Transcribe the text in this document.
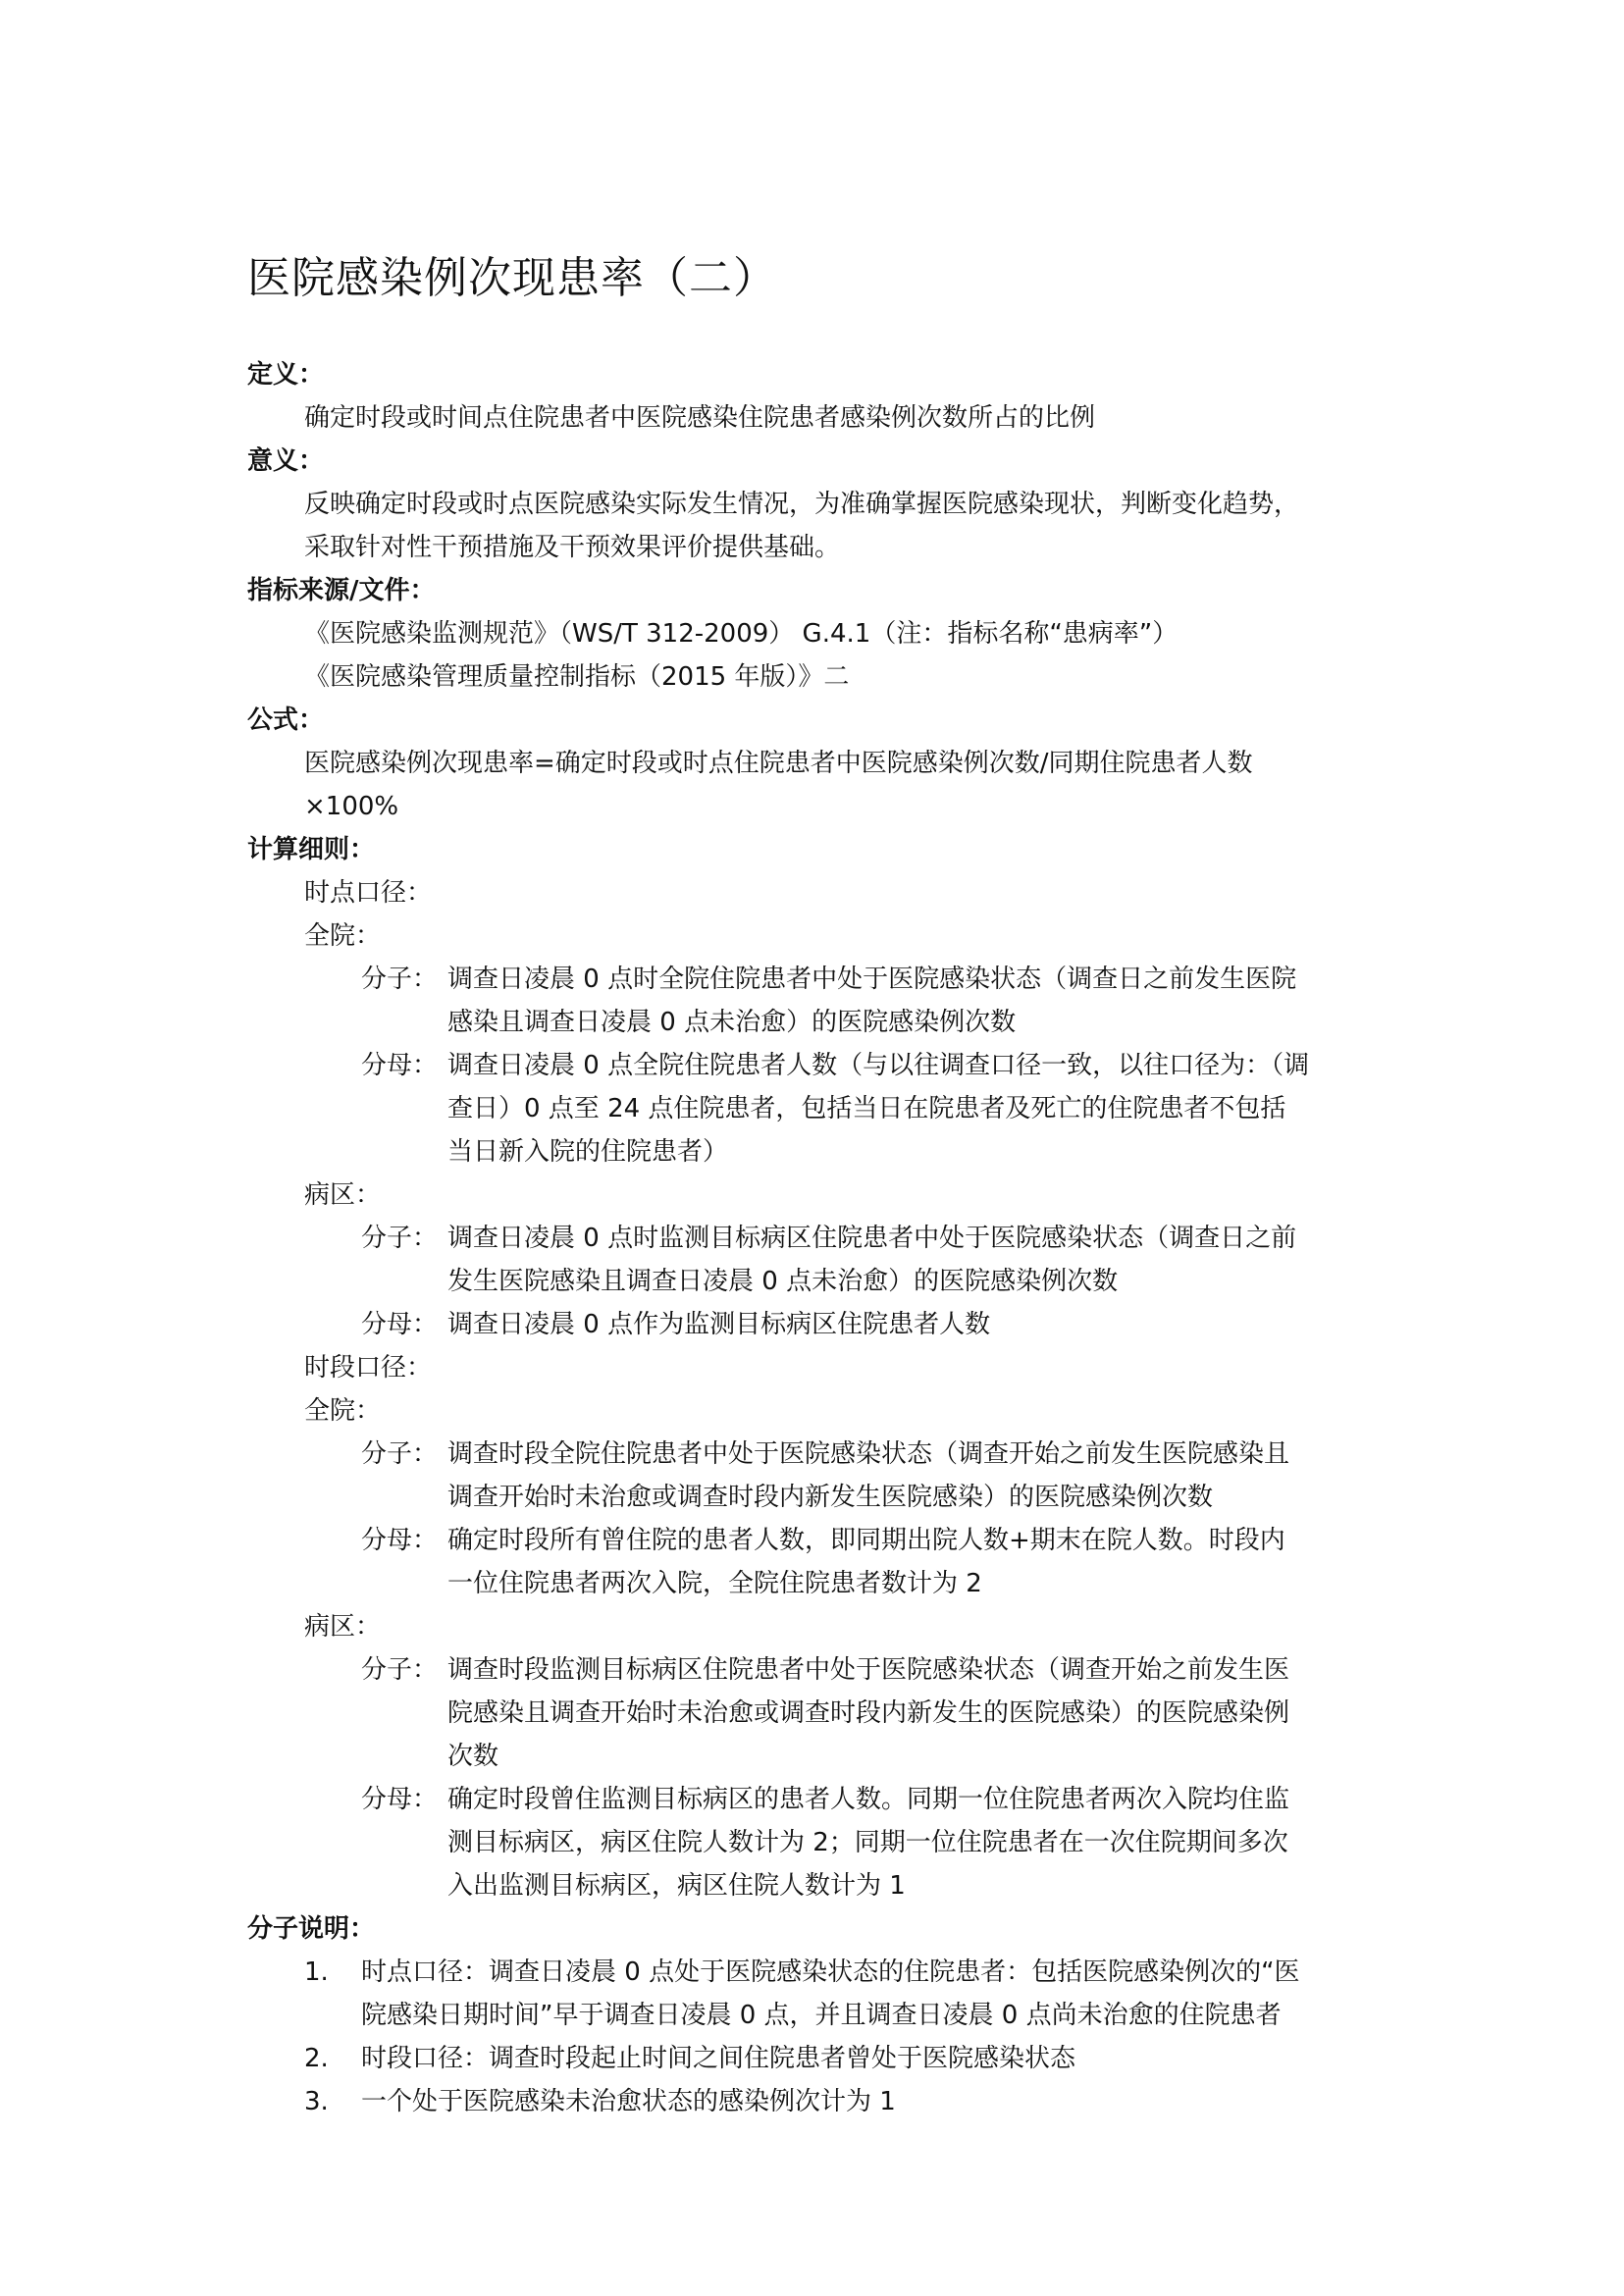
医院感染例次现患率（二）
定义：
确定时段或时间点住院患者中医院感染住院患者感染例次数所占的比例
意义：
反映确定时段或时点医院感染实际发生情况，为准确掌握医院感染现状，判断变化趋势，
采取针对性干预措施及干预效果评价提供基础。
指标来源/文件：
《医院感染监测规范》（WS/T 312-2009） G.4.1（注：指标名称“患病率”）
《医院感染管理质量控制指标（2015 年版）》二
公式：
医院感染例次现患率=确定时段或时点住院患者中医院感染例次数/同期住院患者人数
×100%
计算细则：
时点口径：
全院：
分子： 调查日凌晨 0 点时全院住院患者中处于医院感染状态（调查日之前发生医院
感染且调查日凌晨 0 点未治愈）的医院感染例次数
分母： 调查日凌晨 0 点全院住院患者人数（与以往调查口径一致，以往口径为：（调
查日）0 点至 24 点住院患者，包括当日在院患者及死亡的住院患者不包括
当日新入院的住院患者）
病区：
分子： 调查日凌晨 0 点时监测目标病区住院患者中处于医院感染状态（调查日之前
发生医院感染且调查日凌晨 0 点未治愈）的医院感染例次数
分母： 调查日凌晨 0 点作为监测目标病区住院患者人数
时段口径：
全院：
分子： 调查时段全院住院患者中处于医院感染状态（调查开始之前发生医院感染且
调查开始时未治愈或调查时段内新发生医院感染）的医院感染例次数
分母： 确定时段所有曾住院的患者人数，即同期出院人数+期末在院人数。时段内
一位住院患者两次入院，全院住院患者数计为 2
病区：
分子： 调查时段监测目标病区住院患者中处于医院感染状态（调查开始之前发生医
院感染且调查开始时未治愈或调查时段内新发生的医院感染）的医院感染例
次数
分母： 确定时段曾住监测目标病区的患者人数。同期一位住院患者两次入院均住监
测目标病区，病区住院人数计为 2；同期一位住院患者在一次住院期间多次
入出监测目标病区，病区住院人数计为 1
分子说明：
1. 时点口径：调查日凌晨 0 点处于医院感染状态的住院患者：包括医院感染例次的“医
院感染日期时间”早于调查日凌晨 0 点，并且调查日凌晨 0 点尚未治愈的住院患者
2. 时段口径：调查时段起止时间之间住院患者曾处于医院感染状态
3. 一个处于医院感染未治愈状态的感染例次计为 1
